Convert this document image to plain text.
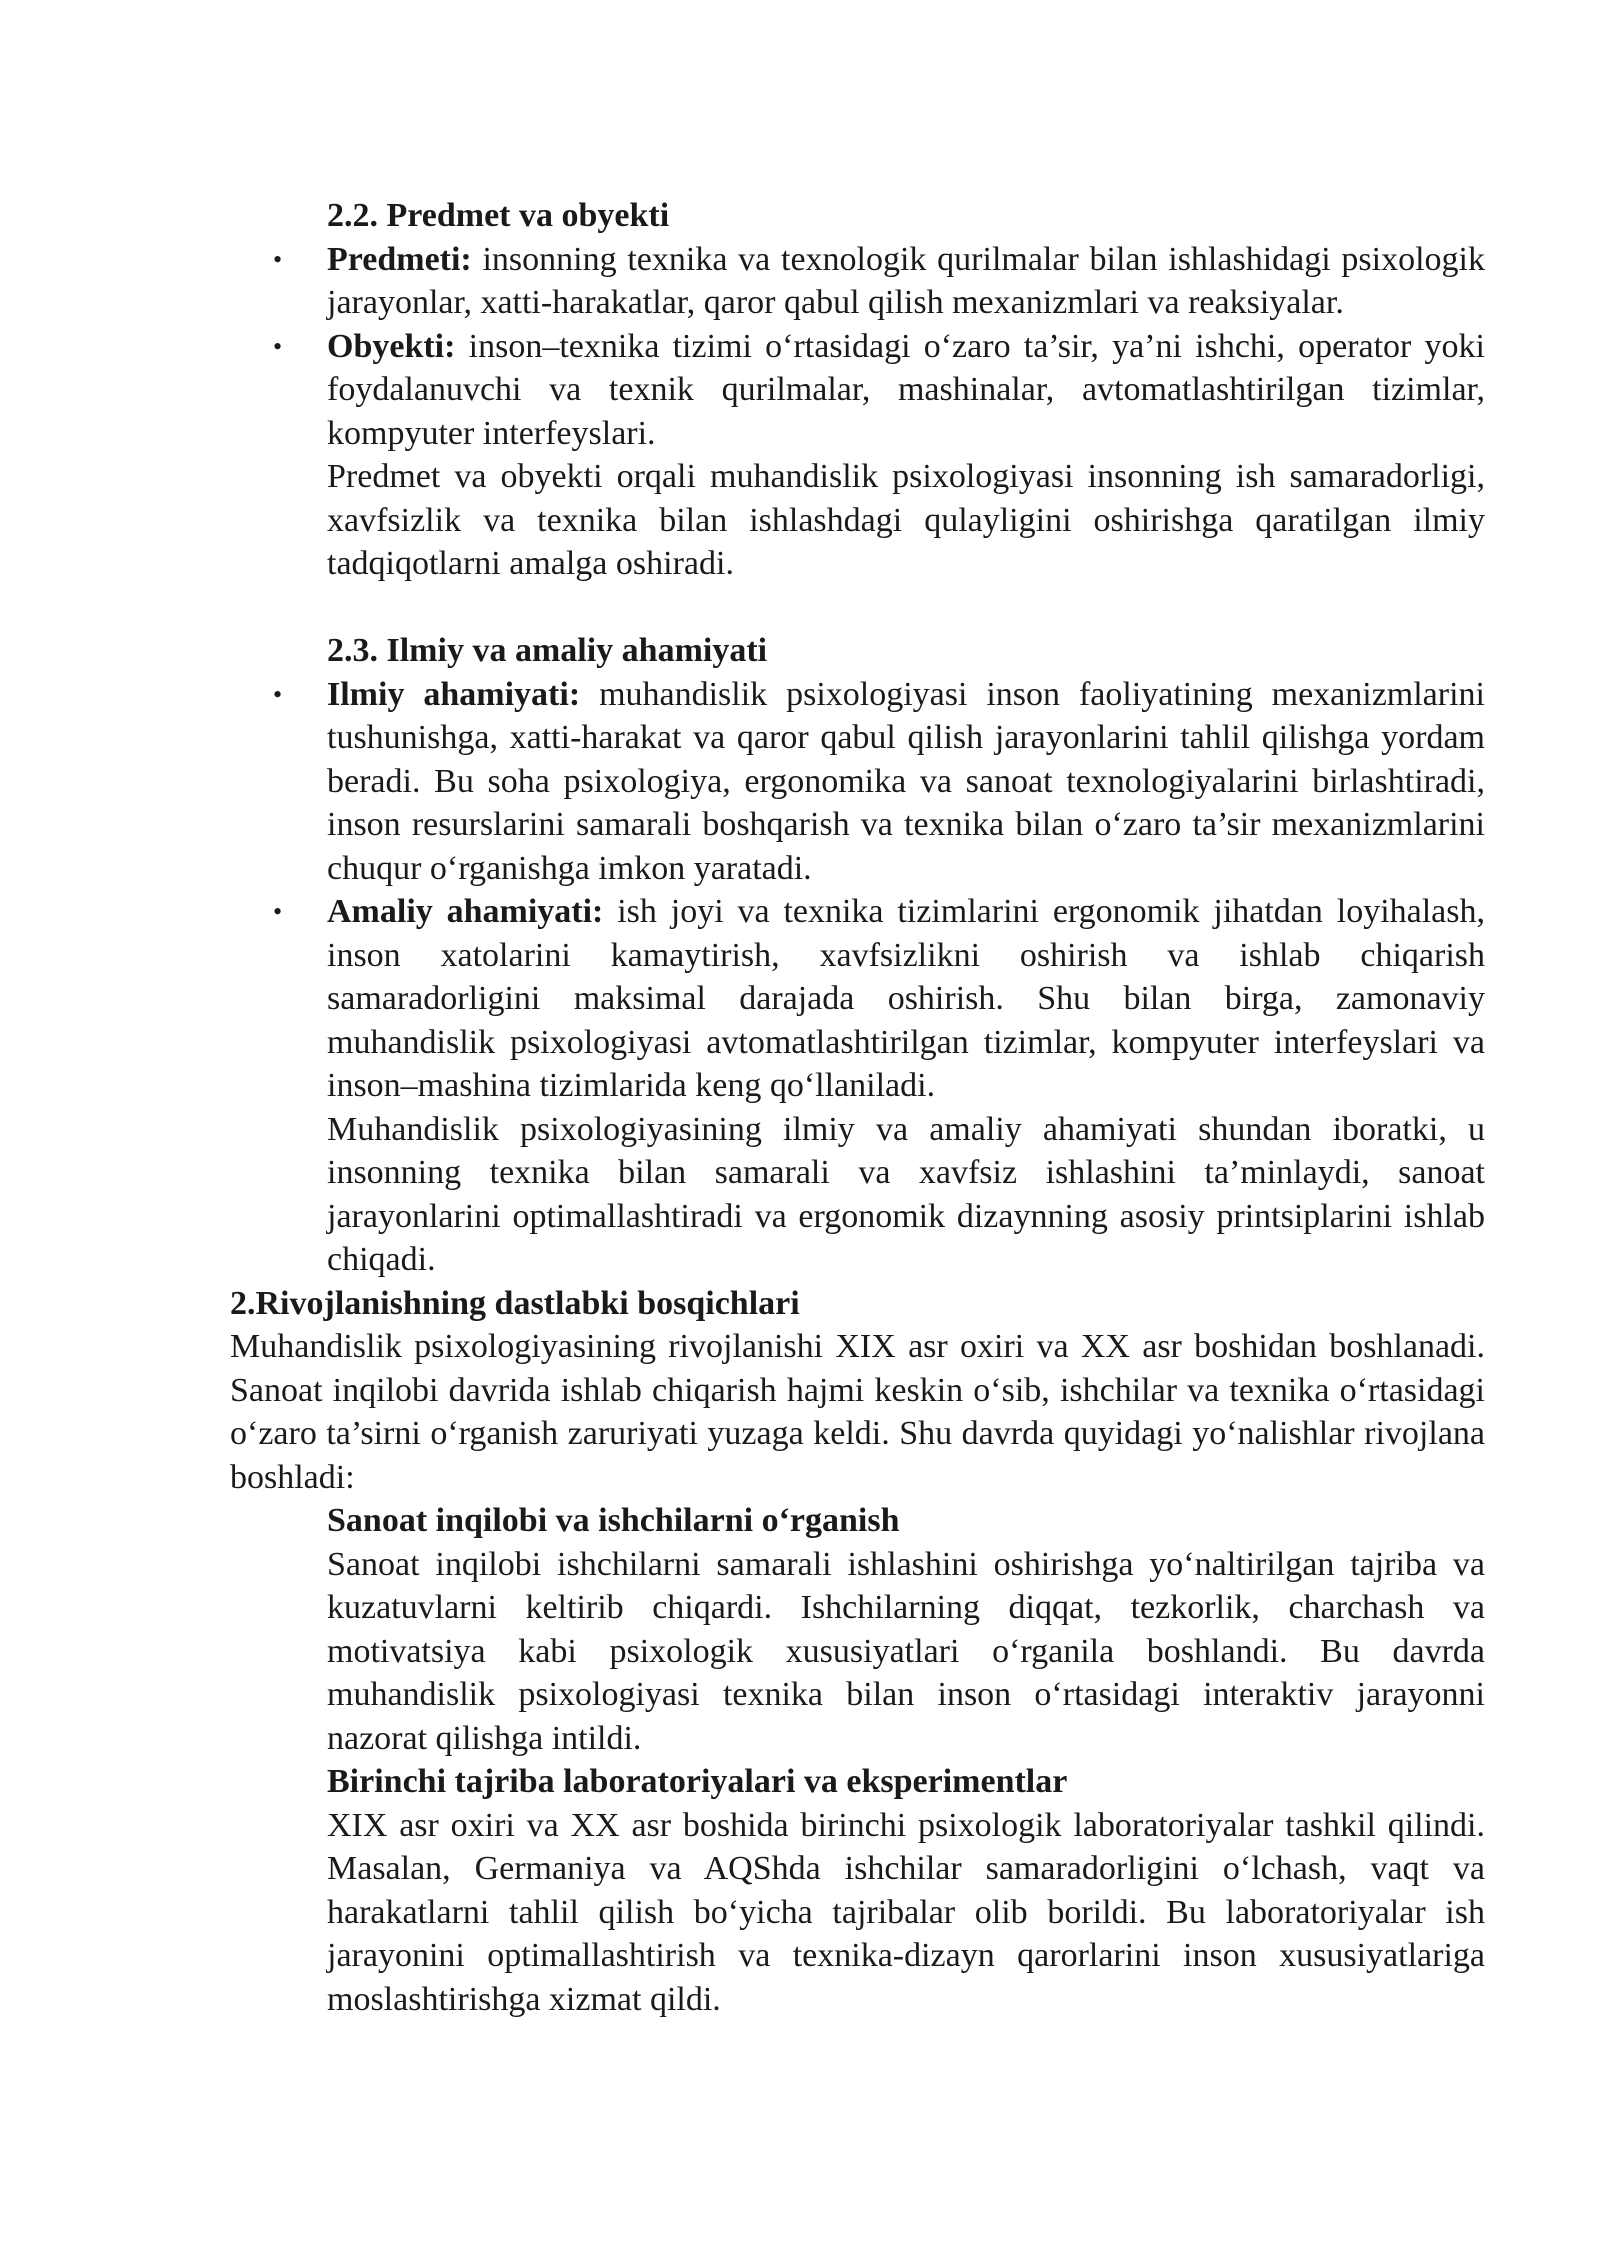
2.2. Predmet va obyekti

• Predmeti: insonning texnika va texnologik qurilmalar bilan ishlashidagi psixologik jarayonlar, xatti-harakatlar, qaror qabul qilish mexanizmlari va reaksiyalar.
• Obyekti: inson–texnika tizimi oʻrtasidagi oʻzaro ta’sir, ya’ni ishchi, operator yoki foydalanuvchi va texnik qurilmalar, mashinalar, avtomatlashtirilgan tizimlar, kompyuter interfeyslari.

Predmet va obyekti orqali muhandislik psixologiyasi insonning ish samaradorligi, xavfsizlik va texnika bilan ishlashdagi qulayligini oshirishga qaratilgan ilmiy tadqiqotlarni amalga oshiradi.

2.3. Ilmiy va amaliy ahamiyati

• Ilmiy ahamiyati: muhandislik psixologiyasi inson faoliyatining mexanizmlarini tushunishga, xatti-harakat va qaror qabul qilish jarayonlarini tahlil qilishga yordam beradi. Bu soha psixologiya, ergonomika va sanoat texnologiyalarini birlashtiradi, inson resurslarini samarali boshqarish va texnika bilan oʻzaro ta’sir mexanizmlarini chuqur oʻrganishga imkon yaratadi.
• Amaliy ahamiyati: ish joyi va texnika tizimlarini ergonomik jihatdan loyihalash, inson xatolarini kamaytirish, xavfsizlikni oshirish va ishlab chiqarish samaradorligini maksimal darajada oshirish. Shu bilan birga, zamonaviy muhandislik psixologiyasi avtomatlashtirilgan tizimlar, kompyuter interfeyslari va inson–mashina tizimlarida keng qoʻllaniladi.

Muhandislik psixologiyasining ilmiy va amaliy ahamiyati shundan iboratki, u insonning texnika bilan samarali va xavfsiz ishlashini ta’minlaydi, sanoat jarayonlarini optimallashtiradi va ergonomik dizaynning asosiy printsiplarini ishlab chiqadi.

2.Rivojlanishning dastlabki bosqichlari

Muhandislik psixologiyasining rivojlanishi XIX asr oxiri va XX asr boshidan boshlanadi. Sanoat inqilobi davrida ishlab chiqarish hajmi keskin oʻsib, ishchilar va texnika oʻrtasidagi oʻzaro ta’sirni oʻrganish zaruriyati yuzaga keldi. Shu davrda quyidagi yoʻnalishlar rivojlana boshladi:

Sanoat inqilobi va ishchilarni oʻrganish

Sanoat inqilobi ishchilarni samarali ishlashini oshirishga yoʻnaltirilgan tajriba va kuzatuvlarni keltirib chiqardi. Ishchilarning diqqat, tezkorlik, charchash va motivatsiya kabi psixologik xususiyatlari oʻrganila boshlandi. Bu davrda muhandislik psixologiyasi texnika bilan inson oʻrtasidagi interaktiv jarayonni nazorat qilishga intildi.

Birinchi tajriba laboratoriyalari va eksperimentlar

XIX asr oxiri va XX asr boshida birinchi psixologik laboratoriyalar tashkil qilindi. Masalan, Germaniya va AQShda ishchilar samaradorligini oʻlchash, vaqt va harakatlarni tahlil qilish boʻyicha tajribalar olib borildi. Bu laboratoriyalar ish jarayonini optimallashtirish va texnika-dizayn qarorlarini inson xususiyatlariga moslashtirishga xizmat qildi.
